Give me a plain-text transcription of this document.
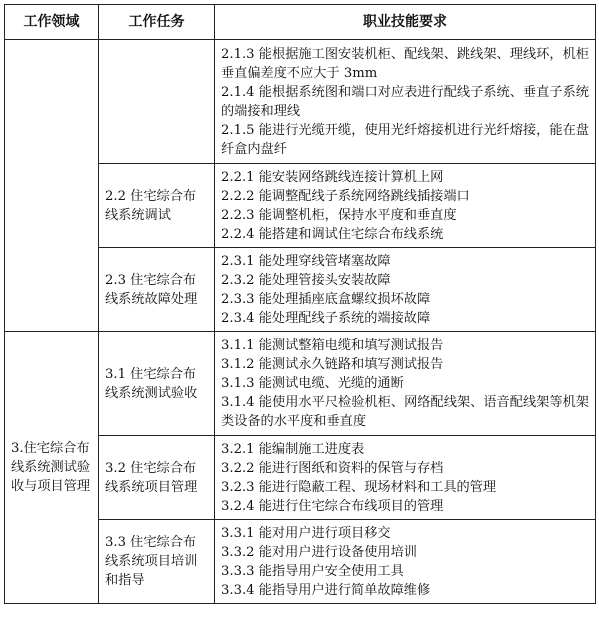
工作领域	工作任务	职业技能要求

		2.1.3 能根据施工图安装机柜、配线架、跳线架、理线环，机柜垂直偏差度不应大于 3mm
2.1.4 能根据系统图和端口对应表进行配线子系统、垂直子系统的端接和理线
2.1.5 能进行光缆开缆，使用光纤熔接机进行光纤熔接，能在盘纤盒内盘纤

	2.2 住宅综合布线系统调试	2.2.1 能安装网络跳线连接计算机上网
2.2.2 能调整配线子系统网络跳线插接端口
2.2.3 能调整机柜，保持水平度和垂直度
2.2.4 能搭建和调试住宅综合布线系统

	2.3 住宅综合布线系统故障处理	2.3.1 能处理穿线管堵塞故障
2.3.2 能处理管接头安装故障
2.3.3 能处理插座底盒螺纹损坏故障
2.3.4 能处理配线子系统的端接故障

3.住宅综合布线系统测试验收与项目管理	3.1 住宅综合布线系统测试验收	3.1.1 能测试整箱电缆和填写测试报告
3.1.2 能测试永久链路和填写测试报告
3.1.3 能测试电缆、光缆的通断
3.1.4 能使用水平尺检验机柜、网络配线架、语音配线架等机架类设备的水平度和垂直度

	3.2 住宅综合布线系统项目管理	3.2.1 能编制施工进度表
3.2.2 能进行图纸和资料的保管与存档
3.2.3 能进行隐蔽工程、现场材料和工具的管理
3.2.4 能进行住宅综合布线项目的管理

	3.3 住宅综合布线系统项目培训和指导	3.3.1 能对用户进行项目移交
3.3.2 能对用户进行设备使用培训
3.3.3 能指导用户安全使用工具
3.3.4 能指导用户进行简单故障维修
